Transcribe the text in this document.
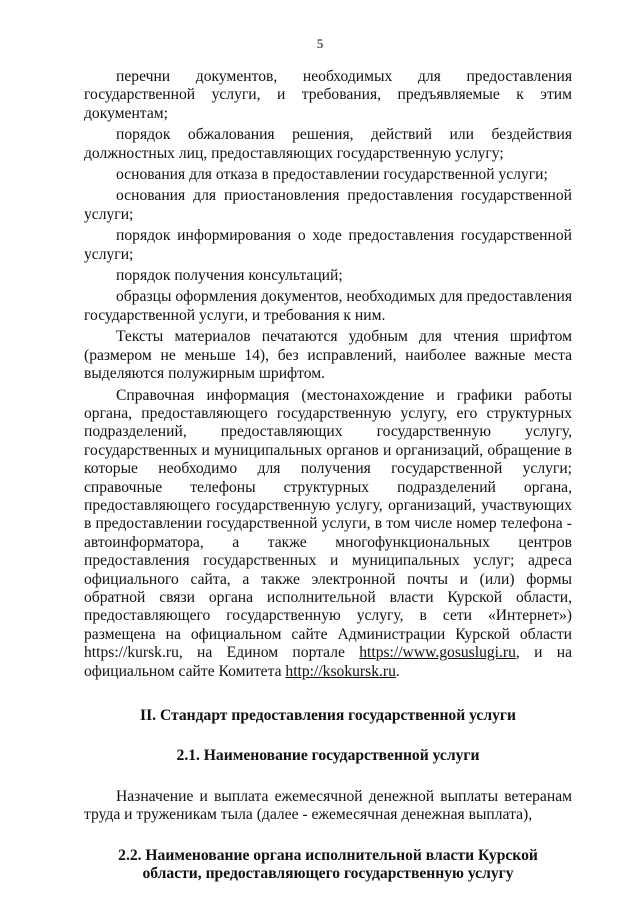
5

перечни документов, необходимых для предоставления государственной услуги, и требования, предъявляемые к этим документам;

порядок обжалования решения, действий или бездействия должностных лиц, предоставляющих государственную услугу;

основания для отказа в предоставлении государственной услуги;

основания для приостановления предоставления государственной услуги;

порядок информирования о ходе предоставления государственной услуги;

порядок получения консультаций;

образцы оформления документов, необходимых для предоставления государственной услуги, и требования к ним.

Тексты материалов печатаются удобным для чтения шрифтом (размером не меньше 14), без исправлений, наиболее важные места выделяются полужирным шрифтом.

Справочная информация (местонахождение и графики работы органа, предоставляющего государственную услугу, его структурных подразделений, предоставляющих государственную услугу, государственных и муниципальных органов и организаций, обращение в которые необходимо для получения государственной услуги; справочные телефоны структурных подразделений органа, предоставляющего государственную услугу, организаций, участвующих в предоставлении государственной услуги, в том числе номер телефона - автоинформатора, а также многофункциональных центров предоставления государственных и муниципальных услуг; адреса официального сайта, а также электронной почты и (или) формы обратной связи органа исполнительной власти Курской области, предоставляющего государственную услугу, в сети «Интернет») размещена на официальном сайте Администрации Курской области https://kursk.ru, на Едином портале https://www.gosuslugi.ru, и на официальном сайте Комитета http://ksokursk.ru.

II. Стандарт предоставления государственной услуги

2.1. Наименование государственной услуги

Назначение и выплата ежемесячной денежной выплаты ветеранам труда и труженикам тыла (далее - ежемесячная денежная выплата),

2.2. Наименование органа исполнительной власти Курской области, предоставляющего государственную услугу
